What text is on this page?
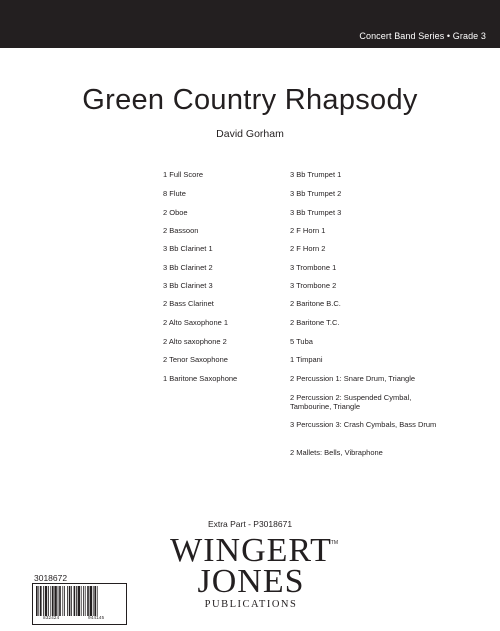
Concert Band Series • Grade 3
Green Country Rhapsody
David Gorham
1 Full Score
8 Flute
2 Oboe
2 Bassoon
3 Bb Clarinet 1
3 Bb Clarinet 2
3 Bb Clarinet 3
2 Bass Clarinet
2 Alto Saxophone 1
2 Alto saxophone 2
2 Tenor Saxophone
1 Baritone Saxophone
3 Bb Trumpet 1
3 Bb Trumpet 2
3 Bb Trumpet 3
2 F Horn 1
2 F Horn 2
3 Trombone 1
3 Trombone 2
2 Baritone B.C.
2 Baritone T.C.
5 Tuba
1 Timpani
2 Percussion 1: Snare Drum, Triangle
2 Percussion 2: Suspended Cymbal, Tambourine, Triangle
3 Percussion 3: Crash Cymbals, Bass Drum
2 Mallets: Bells, Vibraphone
Extra Part - P3018671
WINGERT
TM
JONES
PUBLICATIONS
3018672
832424	044145
